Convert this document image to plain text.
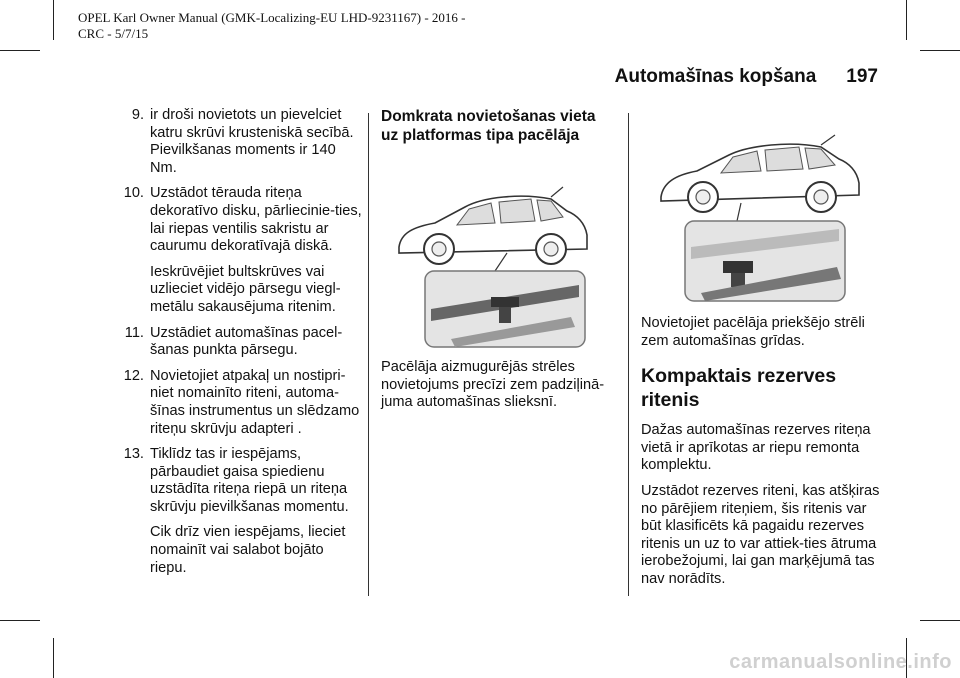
OPEL Karl Owner Manual (GMK-Localizing-EU LHD-9231167) - 2016 -
CRC - 5/7/15
Automašīnas kopšana 197
9. ir droši novietots un pievelciet katru skrūvi krusteniskā secībā. Pievilkšanas moments ir 140 Nm.

10. Uzstādot tērauda riteņa dekoratīvo disku, pārliecinie-ties, lai riepas ventilis sakristu ar caurumu dekoratīvajā diskā.

Ieskrūvējiet bultskrūves vai uzlieciet vidējo pārsegu viegl-metālu sakausējuma ritenim.

11. Uzstādiet automašīnas pacel-šanas punkta pārsegu.

12. Novietojiet atpakaļ un nostipri-niet nomainīto riteni, automa-šīnas instrumentus un slēdzamo riteņu skrūvju adapteri .

13. Tiklīdz tas ir iespējams, pārbaudiet gaisa spiedienu uzstādīta riteņa riepā un riteņa skrūvju pievilkšanas momentu.

Cik drīz vien iespējams, lieciet nomainīt vai salabot bojāto riepu.

Domkrata novietošanas vieta uz platformas tipa pacēlāja

Pacēlāja aizmugurējās strēles novietojums precīzi zem padziļinā-juma automašīnas slieksnī.

Novietojiet pacēlāja priekšējo strēli zem automašīnas grīdas.

Kompaktais rezerves ritenis

Dažas automašīnas rezerves riteņa vietā ir aprīkotas ar riepu remonta komplektu.

Uzstādot rezerves riteni, kas atšķiras no pārējiem riteņiem, šis ritenis var būt klasificēts kā pagaidu rezerves ritenis un uz to var attiek-ties ātruma ierobežojumi, lai gan marķējumā tas nav norādīts.

carmanualsonline.info
